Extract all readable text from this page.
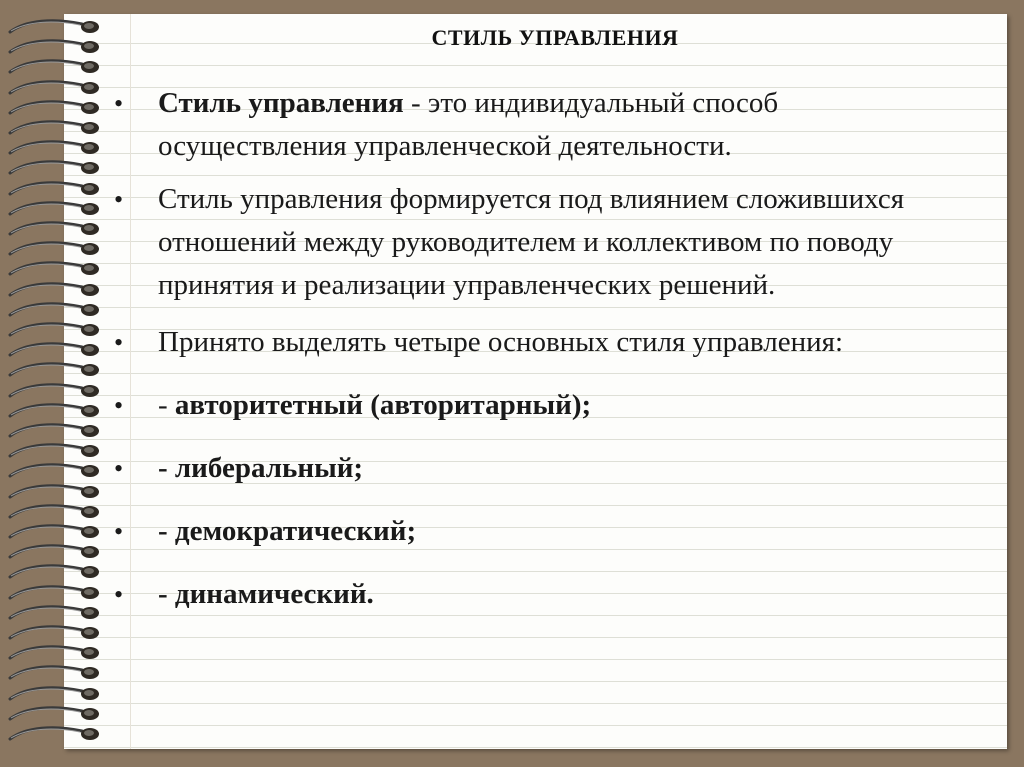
СТИЛЬ УПРАВЛЕНИЯ
• Стиль управления - это индивидуальный способ осуществления управленческой деятельности.
• Стиль управления формируется под влиянием сложившихся отношений между руководителем и коллективом по поводу принятия и реализации управленческих решений.
• Принято выделять четыре основных стиля управления:
• - авторитетный (авторитарный);
• - либеральный;
• - демократический;
• - динамический.
